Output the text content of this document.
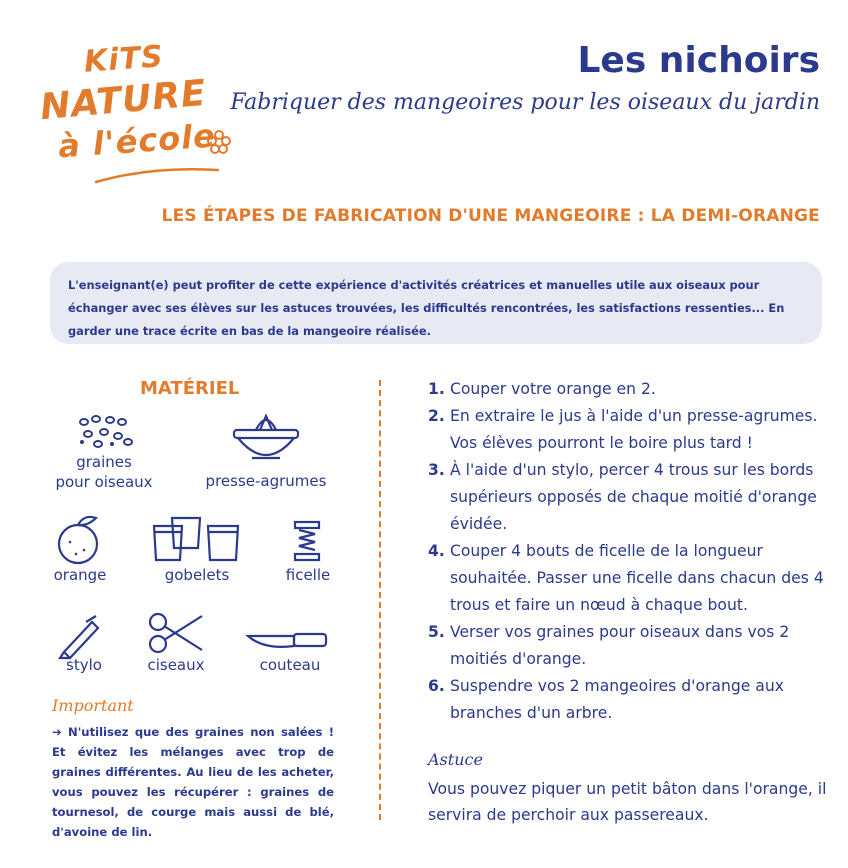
KiTS
NATURE
à l'école
Les nichoirs
Fabriquer des mangeoires pour les oiseaux du jardin
LES ÉTAPES DE FABRICATION D'UNE MANGEOIRE : LA DEMI-ORANGE

L'enseignant(e) peut profiter de cette expérience d'activités créatrices et manuelles utile aux oiseaux pour échanger avec ses élèves sur les astuces trouvées, les difficultés rencontrées, les satisfactions ressenties... En garder une trace écrite en bas de la mangeoire réalisée.

MATÉRIEL
graines
pour oiseaux	presse-agrumes
orange	gobelets	ficelle
stylo	ciseaux	couteau
Important
➔ N'utilisez que des graines non salées ! Et évitez les mélanges avec trop de graines différentes. Au lieu de les acheter, vous pouvez les récupérer : graines de tournesol, de courge mais aussi de blé, d'avoine de lin.
1. Couper votre orange en 2.
2. En extraire le jus à l'aide d'un presse-agrumes. Vos élèves pourront le boire plus tard !
3. À l'aide d'un stylo, percer 4 trous sur les bords supérieurs opposés de chaque moitié d'orange évidée.
4. Couper 4 bouts de ficelle de la longueur souhaitée. Passer une ficelle dans chacun des 4 trous et faire un nœud à chaque bout.
5. Verser vos graines pour oiseaux dans vos 2 moitiés d'orange.
6. Suspendre vos 2 mangeoires d'orange aux branches d'un arbre.
Astuce
Vous pouvez piquer un petit bâton dans l'orange, il servira de perchoir aux passereaux.
